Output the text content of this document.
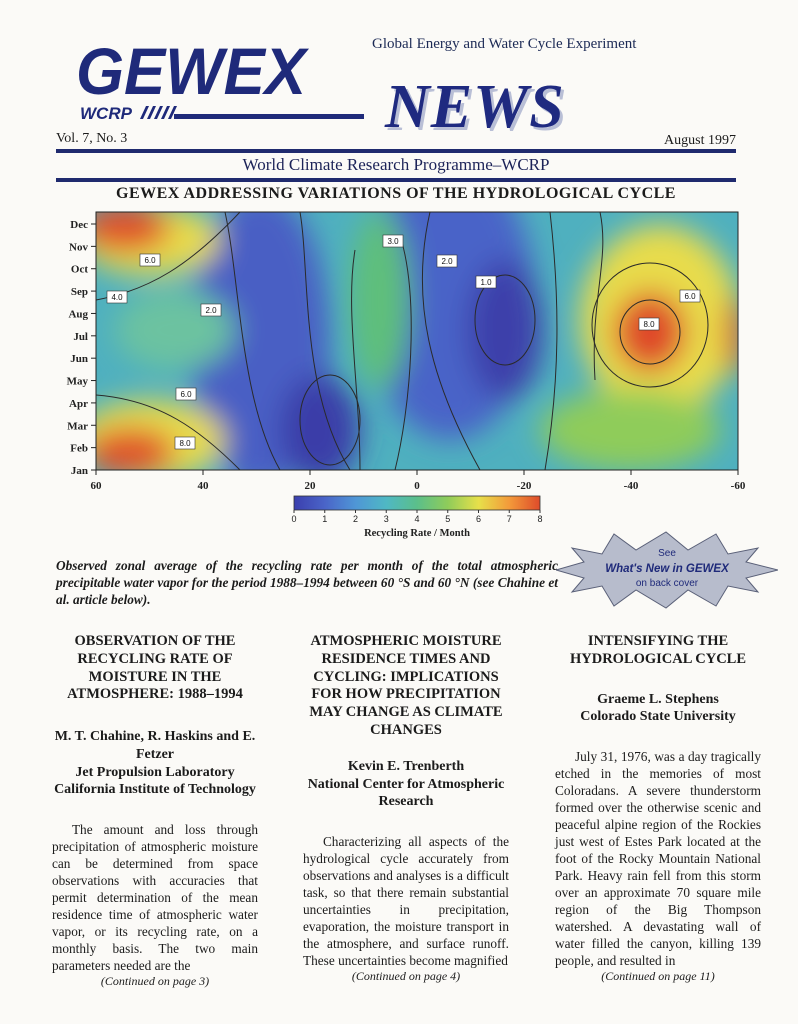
GEWEX
WCRP
Global Energy and Water Cycle Experiment
NEWS
Vol. 7, No. 3	August 1997
World Climate Research Programme–WCRP
GEWEX ADDRESSING VARIATIONS OF THE HYDROLOGICAL CYCLE
Jan
Feb
Mar
Apr
May
Jun
Jul
Aug
Sep
Oct
Nov
Dec
60	40	20	0	-20	-40	-60
6.0
4.0
2.0
3.0
2.0
1.0
6.0
8.0
6.0
8.0
0	1	2	3	4	5	6	7	8
Recycling Rate / Month
Observed zonal average of the recycling rate per month of the total atmospheric precipitable water vapor for the period 1988–1994 between 60 °S and 60 °N (see Chahine et al. article below).
See
What's New in GEWEX
on back cover
OBSERVATION OF THE RECYCLING RATE OF MOISTURE IN THE ATMOSPHERE: 1988–1994
M. T. Chahine, R. Haskins and E. Fetzer
Jet Propulsion Laboratory California Institute of Technology

The amount and loss through precipitation of atmospheric moisture can be determined from space observations with accuracies that permit determination of the mean residence time of atmospheric water vapor, or its recycling rate, on a monthly basis. The two main parameters needed are the

(Continued on page 3)
ATMOSPHERIC MOISTURE RESIDENCE TIMES AND CYCLING: IMPLICATIONS FOR HOW PRECIPITATION MAY CHANGE AS CLIMATE CHANGES
Kevin E. Trenberth
National Center for Atmospheric Research

Characterizing all aspects of the hydrological cycle accurately from observations and analyses is a difficult task, so that there remain substantial uncertainties in precipitation, evaporation, the moisture transport in the atmosphere, and surface runoff. These uncertainties become magnified

(Continued on page 4)
INTENSIFYING THE HYDROLOGICAL CYCLE
Graeme L. Stephens
Colorado State University

July 31, 1976, was a day tragically etched in the memories of most Coloradans. A severe thunderstorm formed over the otherwise scenic and peaceful alpine region of the Rockies just west of Estes Park located at the foot of the Rocky Mountain National Park. Heavy rain fell from this storm over an approximate 70 square mile region of the Big Thompson watershed. A devastating wall of water filled the canyon, killing 139 people, and resulted in

(Continued on page 11)
